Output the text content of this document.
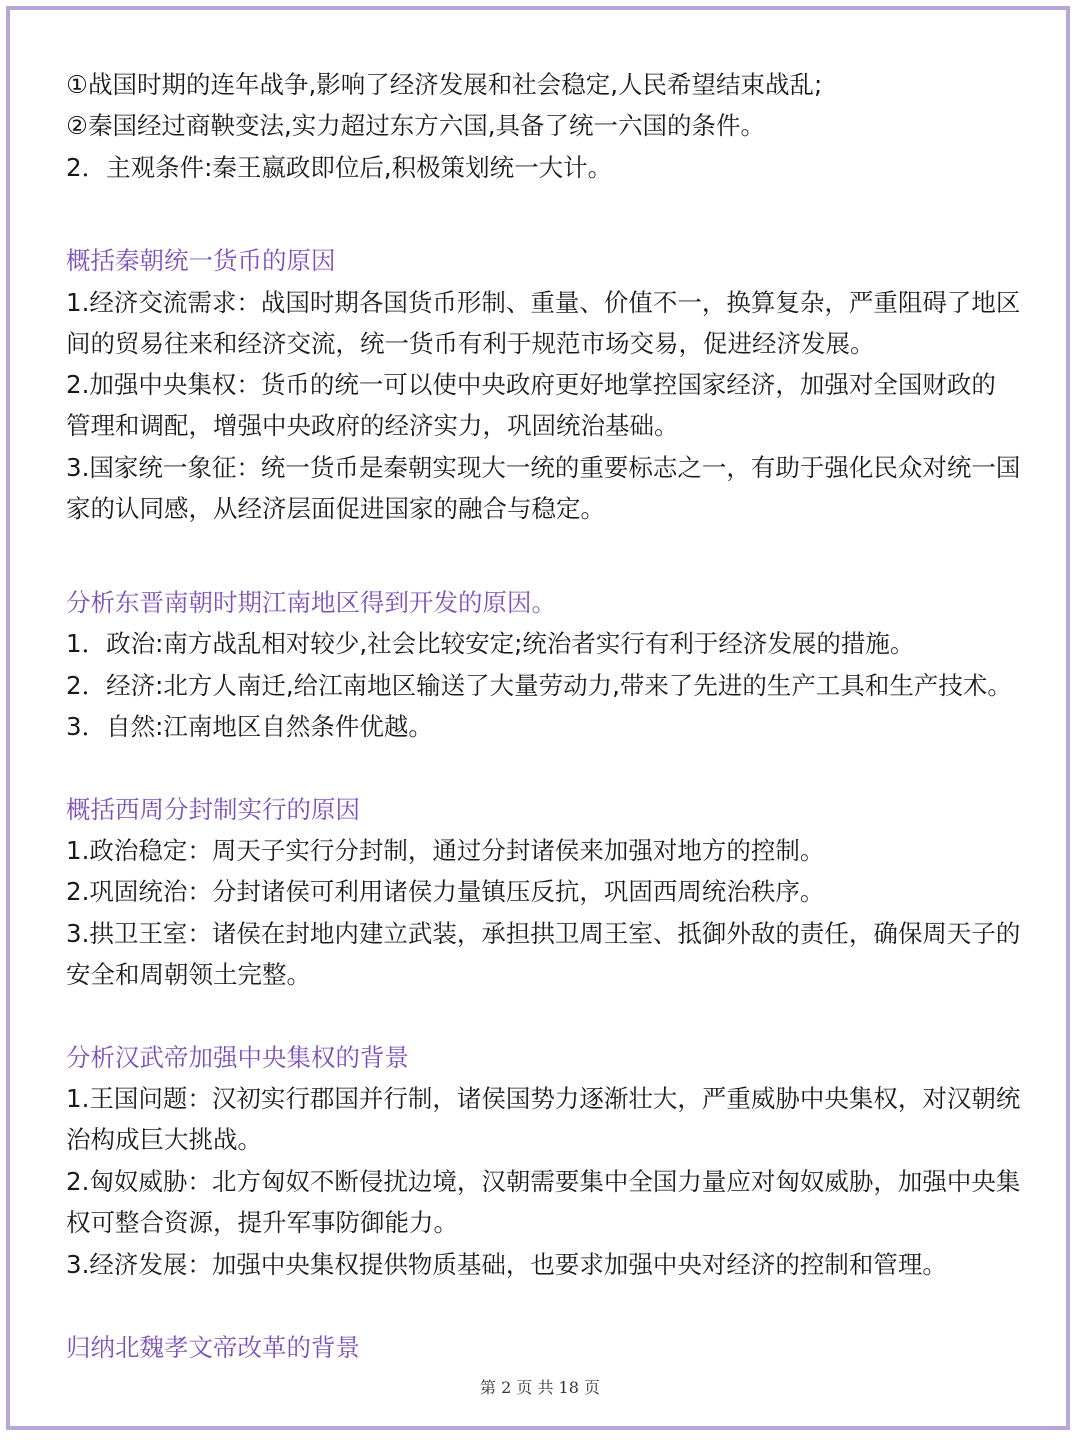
①战国时期的连年战争,影响了经济发展和社会稳定,人民希望结束战乱;
②秦国经过商鞅变法,实力超过东方六国,具备了统一六国的条件。
2．主观条件:秦王嬴政即位后,积极策划统一大计。
概括秦朝统一货币的原因
1.经济交流需求：战国时期各国货币形制、重量、价值不一，换算复杂，严重阻碍了地区
间的贸易往来和经济交流，统一货币有利于规范市场交易，促进经济发展。
2.加强中央集权：货币的统一可以使中央政府更好地掌控国家经济，加强对全国财政的
管理和调配，增强中央政府的经济实力，巩固统治基础。
3.国家统一象征：统一货币是秦朝实现大一统的重要标志之一，有助于强化民众对统一国
家的认同感，从经济层面促进国家的融合与稳定。
分析东晋南朝时期江南地区得到开发的原因。
1．政治:南方战乱相对较少,社会比较安定;统治者实行有利于经济发展的措施。
2．经济:北方人南迁,给江南地区输送了大量劳动力,带来了先进的生产工具和生产技术。
3．自然:江南地区自然条件优越。
概括西周分封制实行的原因
1.政治稳定：周天子实行分封制，通过分封诸侯来加强对地方的控制。
2.巩固统治：分封诸侯可利用诸侯力量镇压反抗，巩固西周统治秩序。
3.拱卫王室：诸侯在封地内建立武装，承担拱卫周王室、抵御外敌的责任，确保周天子的
安全和周朝领土完整。
分析汉武帝加强中央集权的背景
1.王国问题：汉初实行郡国并行制，诸侯国势力逐渐壮大，严重威胁中央集权，对汉朝统
治构成巨大挑战。
2.匈奴威胁：北方匈奴不断侵扰边境，汉朝需要集中全国力量应对匈奴威胁，加强中央集
权可整合资源，提升军事防御能力。
3.经济发展：加强中央集权提供物质基础，也要求加强中央对经济的控制和管理。
归纳北魏孝文帝改革的背景
第 2 页 共 18 页
